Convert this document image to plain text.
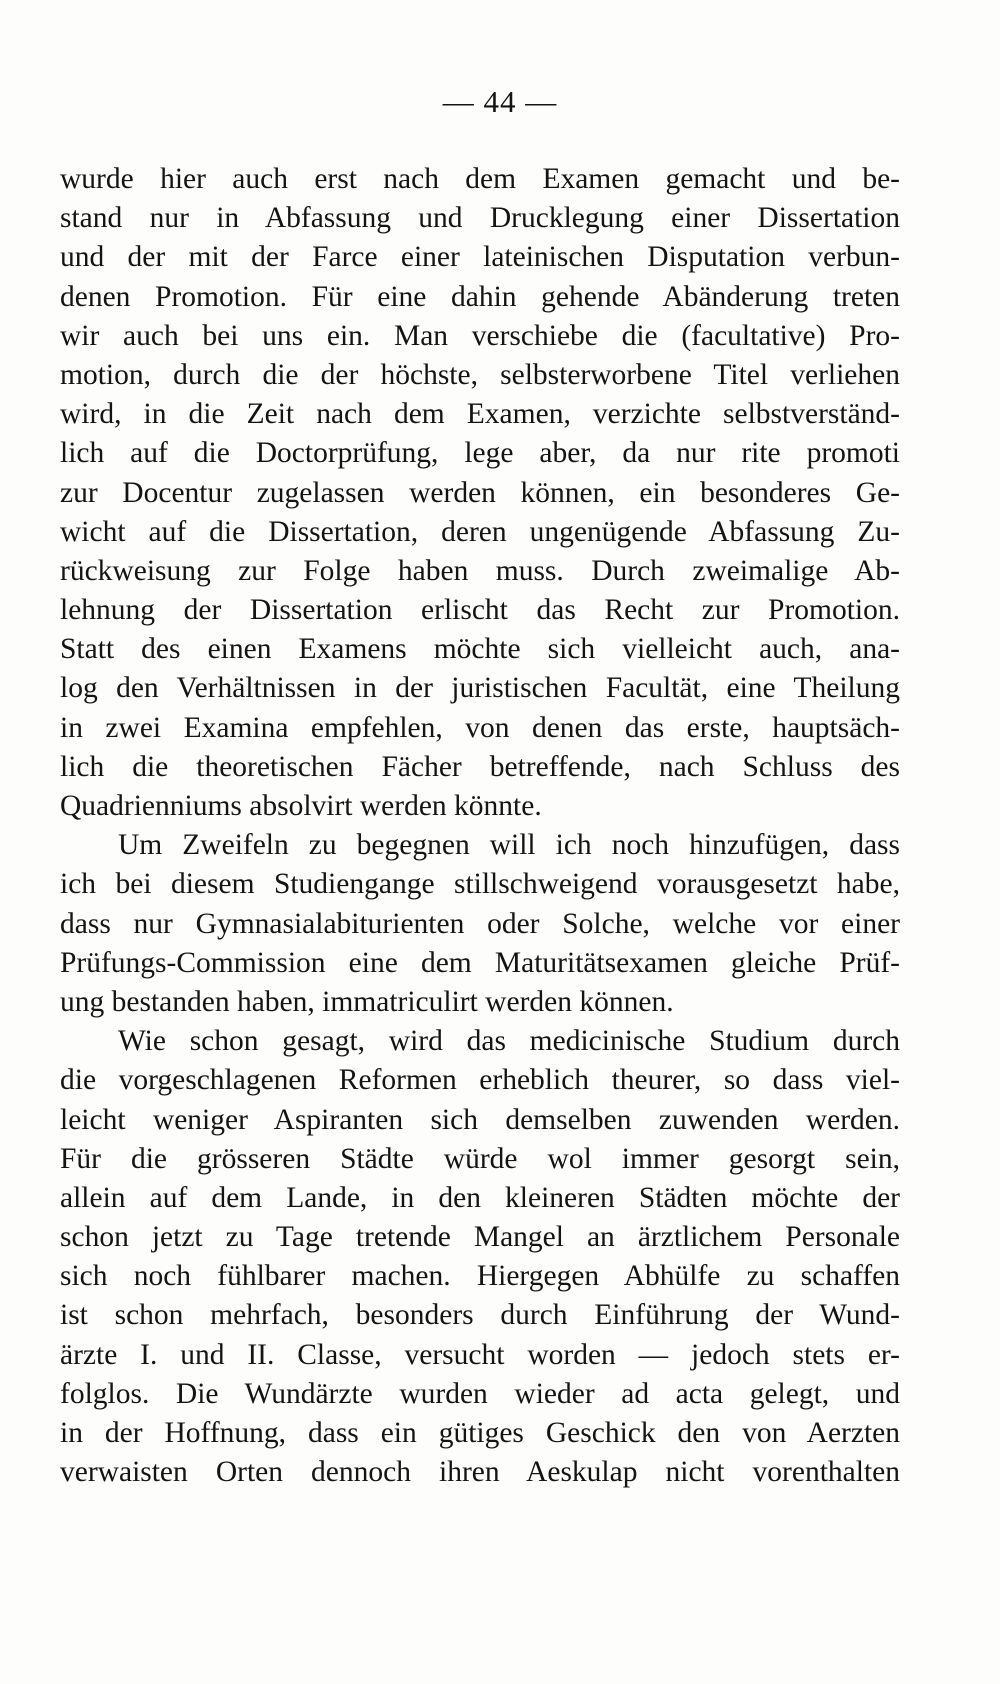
— 44 —
wurde hier auch erst nach dem Examen gemacht und be-
stand nur in Abfassung und Drucklegung einer Dissertation
und der mit der Farce einer lateinischen Disputation verbun-
denen Promotion. Für eine dahin gehende Abänderung treten
wir auch bei uns ein. Man verschiebe die (facultative) Pro-
motion, durch die der höchste, selbsterworbene Titel verliehen
wird, in die Zeit nach dem Examen, verzichte selbstverständ-
lich auf die Doctorprüfung, lege aber, da nur rite promoti
zur Docentur zugelassen werden können, ein besonderes Ge-
wicht auf die Dissertation, deren ungenügende Abfassung Zu-
rückweisung zur Folge haben muss. Durch zweimalige Ab-
lehnung der Dissertation erlischt das Recht zur Promotion.
Statt des einen Examens möchte sich vielleicht auch, ana-
log den Verhältnissen in der juristischen Facultät, eine Theilung
in zwei Examina empfehlen, von denen das erste, hauptsäch-
lich die theoretischen Fächer betreffende, nach Schluss des
Quadrienniums absolvirt werden könnte.
Um Zweifeln zu begegnen will ich noch hinzufügen, dass
ich bei diesem Studiengange stillschweigend vorausgesetzt habe,
dass nur Gymnasialabiturienten oder Solche, welche vor einer
Prüfungs-Commission eine dem Maturitätsexamen gleiche Prüf-
ung bestanden haben, immatriculirt werden können.
Wie schon gesagt, wird das medicinische Studium durch
die vorgeschlagenen Reformen erheblich theurer, so dass viel-
leicht weniger Aspiranten sich demselben zuwenden werden.
Für die grösseren Städte würde wol immer gesorgt sein,
allein auf dem Lande, in den kleineren Städten möchte der
schon jetzt zu Tage tretende Mangel an ärztlichem Personale
sich noch fühlbarer machen. Hiergegen Abhülfe zu schaffen
ist schon mehrfach, besonders durch Einführung der Wund-
ärzte I. und II. Classe, versucht worden — jedoch stets er-
folglos. Die Wundärzte wurden wieder ad acta gelegt, und
in der Hoffnung, dass ein gütiges Geschick den von Aerzten
verwaisten Orten dennoch ihren Aeskulap nicht vorenthalten
